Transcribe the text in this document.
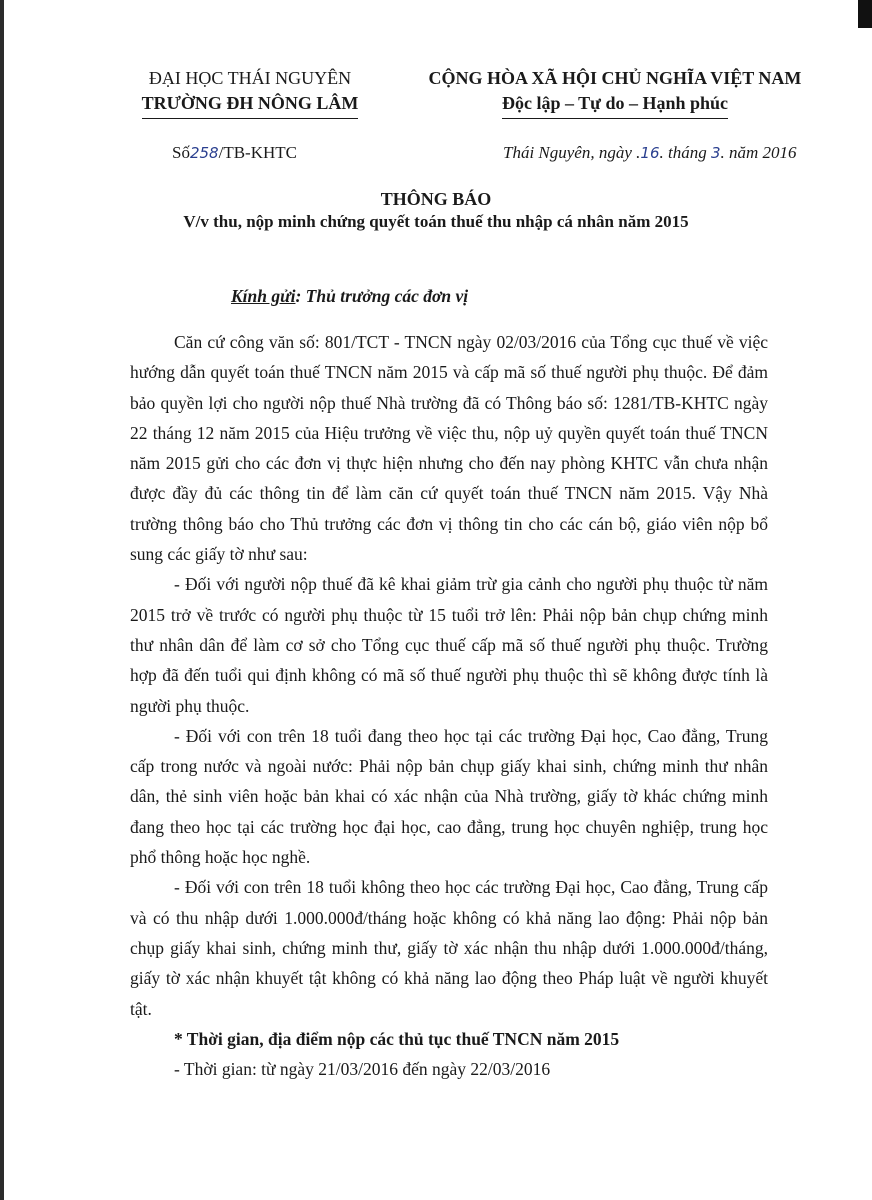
ĐẠI HỌC THÁI NGUYÊN
TRƯỜNG ĐH NÔNG LÂM
CỘNG HÒA XÃ HỘI CHỦ NGHĨA VIỆT NAM
Độc lập – Tự do – Hạnh phúc
Số258/TB-KHTC	Thái Nguyên, ngày .16. tháng 3. năm 2016
THÔNG BÁO
V/v thu, nộp minh chứng quyết toán thuế thu nhập cá nhân năm 2015
Kính gửi: Thủ trưởng các đơn vị

Căn cứ công văn số: 801/TCT - TNCN ngày 02/03/2016 của Tổng cục thuế về việc hướng dẫn quyết toán thuế TNCN năm 2015 và cấp mã số thuế người phụ thuộc. Để đảm bảo quyền lợi cho người nộp thuế Nhà trường đã có Thông báo số: 1281/TB-KHTC ngày 22 tháng 12 năm 2015 của Hiệu trưởng về việc thu, nộp uỷ quyền quyết toán thuế TNCN năm 2015 gửi cho các đơn vị thực hiện nhưng cho đến nay phòng KHTC vẫn chưa nhận được đầy đủ các thông tin để làm căn cứ quyết toán thuế TNCN năm 2015. Vậy Nhà trường thông báo cho Thủ trưởng các đơn vị thông tin cho các cán bộ, giáo viên nộp bổ sung các giấy tờ như sau:

- Đối với người nộp thuế đã kê khai giảm trừ gia cảnh cho người phụ thuộc từ năm 2015 trở về trước có người phụ thuộc từ 15 tuổi trở lên: Phải nộp bản chụp chứng minh thư nhân dân để làm cơ sở cho Tổng cục thuế cấp mã số thuế người phụ thuộc. Trường hợp đã đến tuổi qui định không có mã số thuế người phụ thuộc thì sẽ không được tính là người phụ thuộc.

- Đối với con trên 18 tuổi đang theo học tại các trường Đại học, Cao đẳng, Trung cấp trong nước và ngoài nước: Phải nộp bản chụp giấy khai sinh, chứng minh thư nhân dân, thẻ sinh viên hoặc bản khai có xác nhận của Nhà trường, giấy tờ khác chứng minh đang theo học tại các trường học đại học, cao đẳng, trung học chuyên nghiệp, trung học phổ thông hoặc học nghề.

- Đối với con trên 18 tuổi không theo học các trường Đại học, Cao đẳng, Trung cấp và có thu nhập dưới 1.000.000đ/tháng hoặc không có khả năng lao động: Phải nộp bản chụp giấy khai sinh, chứng minh thư, giấy tờ xác nhận thu nhập dưới 1.000.000đ/tháng, giấy tờ xác nhận khuyết tật không có khả năng lao động theo Pháp luật về người khuyết tật.

* Thời gian, địa điểm nộp các thủ tục thuế TNCN năm 2015

- Thời gian: từ ngày 21/03/2016 đến ngày 22/03/2016
